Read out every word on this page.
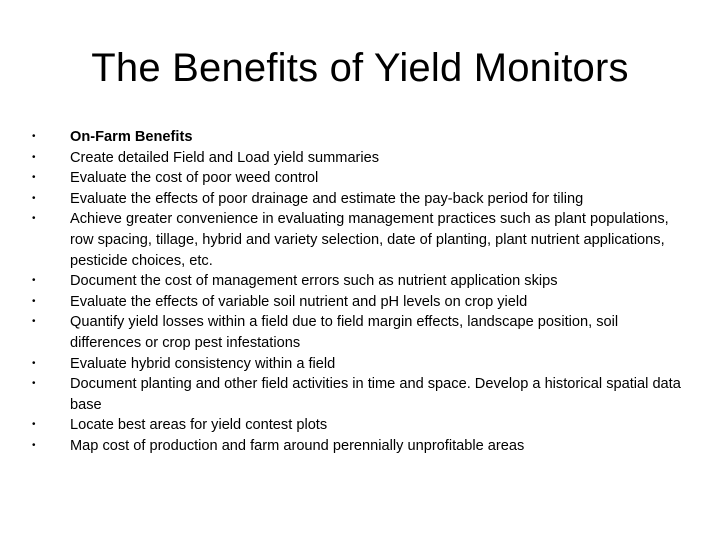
The Benefits of Yield Monitors
•	On-Farm Benefits
•	Create detailed Field and Load yield summaries
•	Evaluate the cost of poor weed control
•	Evaluate the effects of poor drainage and estimate the pay-back period for tiling
•	Achieve greater convenience in evaluating management practices such as plant populations, row spacing, tillage, hybrid and variety selection, date of planting, plant nutrient applications, pesticide choices, etc.
•	Document the cost of management errors such as nutrient application skips
•	Evaluate the effects of variable soil nutrient and pH levels on crop yield
•	Quantify yield losses within a field due to field margin effects, landscape position, soil differences or crop pest infestations
•	Evaluate hybrid consistency within a field
•	Document planting and other field activities in time and space. Develop a historical spatial data base
•	Locate best areas for yield contest plots
•	Map cost of production and farm around perennially unprofitable areas
